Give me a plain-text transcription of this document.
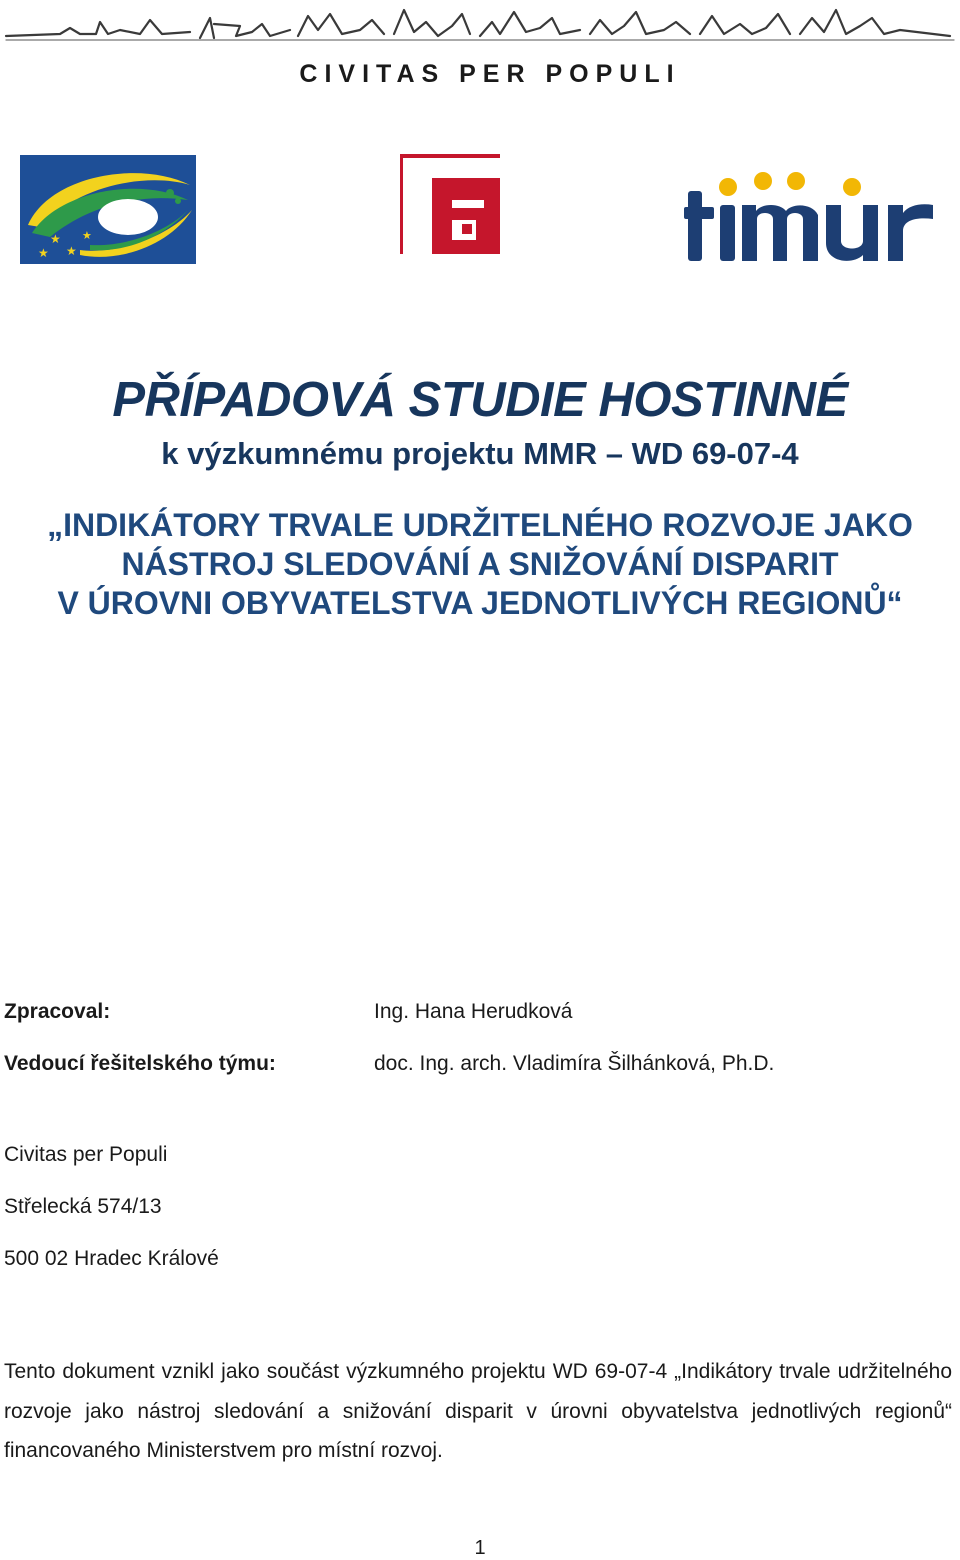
CIVITAS PER POPULI
★
★
★
★
PŘÍPADOVÁ STUDIE HOSTINNÉ
k výzkumnému projektu MMR – WD 69-07-4
„INDIKÁTORY TRVALE UDRŽITELNÉHO ROZVOJE JAKO
NÁSTROJ SLEDOVÁNÍ A SNIŽOVÁNÍ DISPARIT
V ÚROVNI OBYVATELSTVA JEDNOTLIVÝCH REGIONŮ“
Zpracoval:	Ing. Hana Herudková
Vedoucí řešitelského týmu:	doc. Ing. arch. Vladimíra Šilhánková, Ph.D.
Civitas per Populi
Střelecká 574/13
500 02 Hradec Králové
Tento dokument vznikl jako součást výzkumného projektu WD 69-07-4 „Indikátory trvale udržitelného rozvoje jako nástroj sledování a snižování disparit v úrovni obyvatelstva jednotlivých regionů“ financovaného Ministerstvem pro místní rozvoj.
1
